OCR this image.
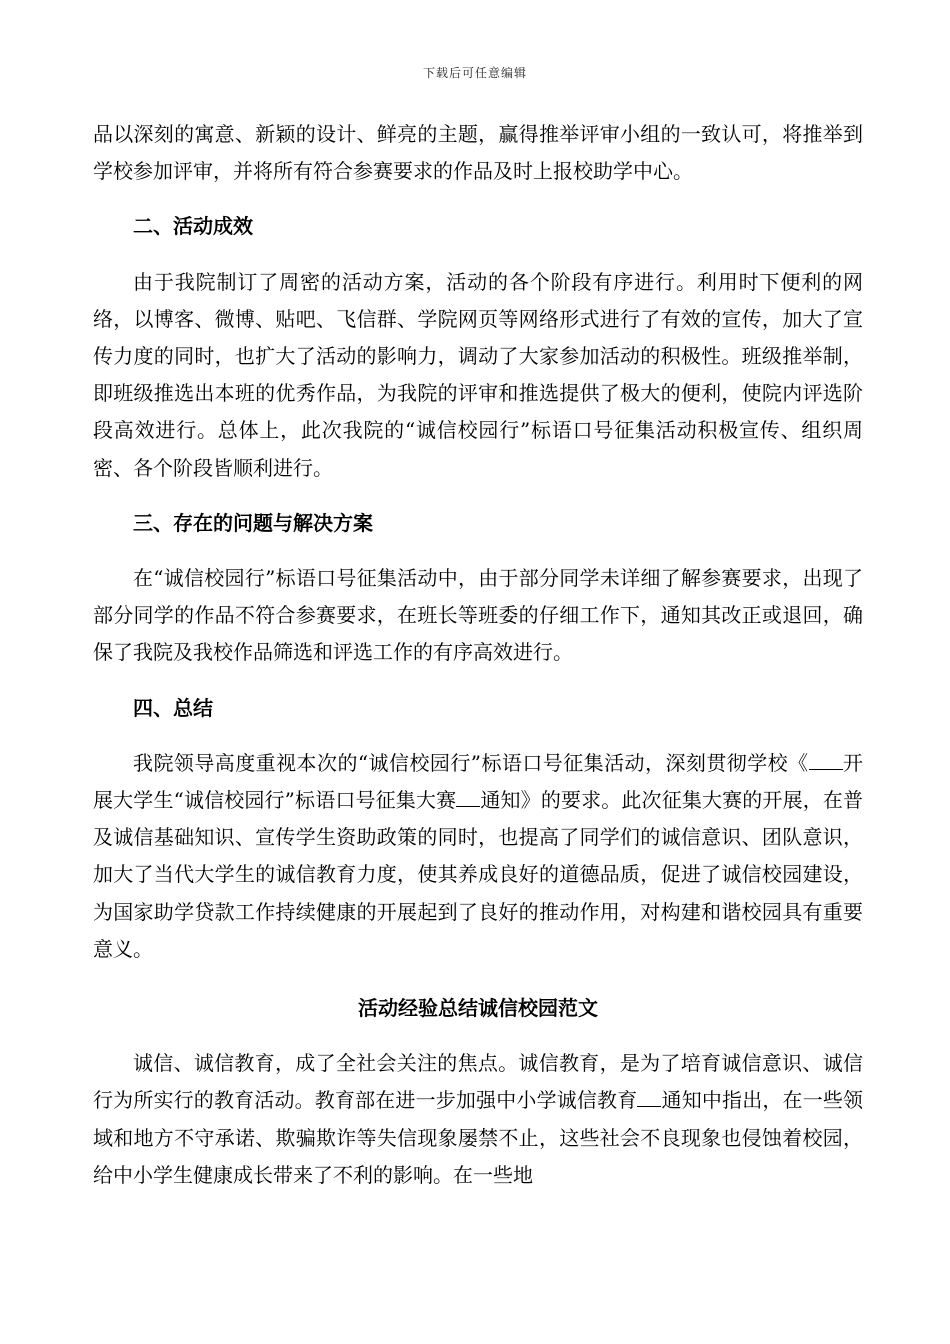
下载后可任意编辑

品以深刻的寓意、新颖的设计、鲜亮的主题，赢得推举评审小组的一致认可，将推举到学校参加评审，并将所有符合参赛要求的作品及时上报校助学中心。

二、活动成效

由于我院制订了周密的活动方案，活动的各个阶段有序进行。利用时下便利的网络，以博客、微博、贴吧、飞信群、学院网页等网络形式进行了有效的宣传，加大了宣传力度的同时，也扩大了活动的影响力，调动了大家参加活动的积极性。班级推举制，即班级推选出本班的优秀作品，为我院的评审和推选提供了极大的便利，使院内评选阶段高效进行。总体上，此次我院的“诚信校园行”标语口号征集活动积极宣传、组织周密、各个阶段皆顺利进行。

三、存在的问题与解决方案

在“诚信校园行”标语口号征集活动中，由于部分同学未详细了解参赛要求，出现了部分同学的作品不符合参赛要求，在班长等班委的仔细工作下，通知其改正或退回，确保了我院及我校作品筛选和评选工作的有序高效进行。

四、总结

我院领导高度重视本次的“诚信校园行”标语口号征集活动，深刻贯彻学校《 开展大学生“诚信校园行”标语口号征集大赛 通知》的要求。此次征集大赛的开展，在普及诚信基础知识、宣传学生资助政策的同时，也提高了同学们的诚信意识、团队意识，加大了当代大学生的诚信教育力度，使其养成良好的道德品质，促进了诚信校园建设，为国家助学贷款工作持续健康的开展起到了良好的推动作用，对构建和谐校园具有重要意义。

活动经验总结诚信校园范文

诚信、诚信教育，成了全社会关注的焦点。诚信教育，是为了培育诚信意识、诚信行为所实行的教育活动。教育部在进一步加强中小学诚信教育 通知中指出，在一些领域和地方不守承诺、欺骗欺诈等失信现象屡禁不止，这些社会不良现象也侵蚀着校园，给中小学生健康成长带来了不利的影响。在一些地
